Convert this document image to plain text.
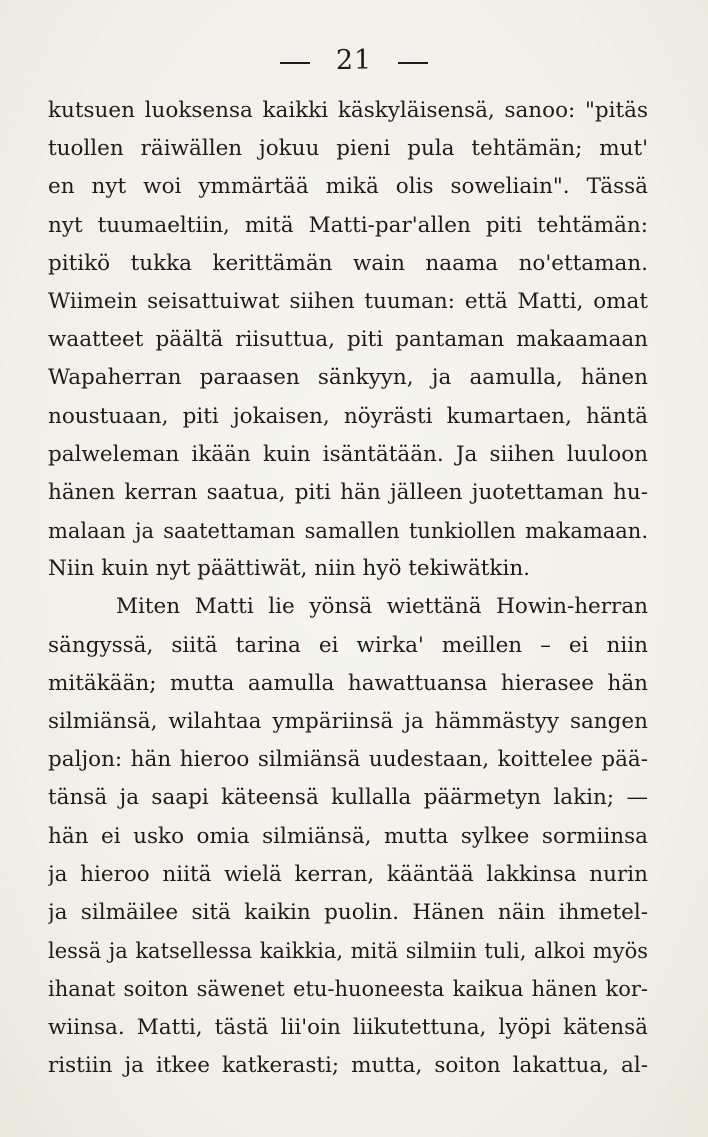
21
kutsuen luoksensa kaikki käskyläisensä, sanoo: "pitäs
tuollen räiwällen jokuu pieni pula tehtämän; mut'
en nyt woi ymmärtää mikä olis soweliain". Tässä
nyt tuumaeltiin, mitä Matti-par'allen piti tehtämän:
pitikö tukka kerittämän wain naama no'ettaman.
Wiimein seisattuiwat siihen tuuman: että Matti, omat
waatteet päältä riisuttua, piti pantaman makaamaan
Wapaherran paraasen sänkyyn, ja aamulla, hänen
noustuaan, piti jokaisen, nöyrästi kumartaen, häntä
palweleman ikään kuin isäntätään. Ja siihen luuloon
hänen kerran saatua, piti hän jälleen juotettaman hu-
malaan ja saatettaman samallen tunkiollen makamaan.
Niin kuin nyt päättiwät, niin hyö tekiwätkin.
Miten Matti lie yönsä wiettänä Howin-herran
sängyssä, siitä tarina ei wirka' meillen – ei niin
mitäkään; mutta aamulla hawattuansa hierasee hän
silmiänsä, wilahtaa ympäriinsä ja hämmästyy sangen
paljon: hän hieroo silmiänsä uudestaan, koittelee pää-
tänsä ja saapi käteensä kullalla päärmetyn lakin; —
hän ei usko omia silmiänsä, mutta sylkee sormiinsa
ja hieroo niitä wielä kerran, kääntää lakkinsa nurin
ja silmäilee sitä kaikin puolin. Hänen näin ihmetel-
lessä ja katsellessa kaikkia, mitä silmiin tuli, alkoi myös
ihanat soiton säwenet etu-huoneesta kaikua hänen kor-
wiinsa. Matti, tästä lii'oin liikutettuna, lyöpi kätensä
ristiin ja itkee katkerasti; mutta, soiton lakattua, al-
